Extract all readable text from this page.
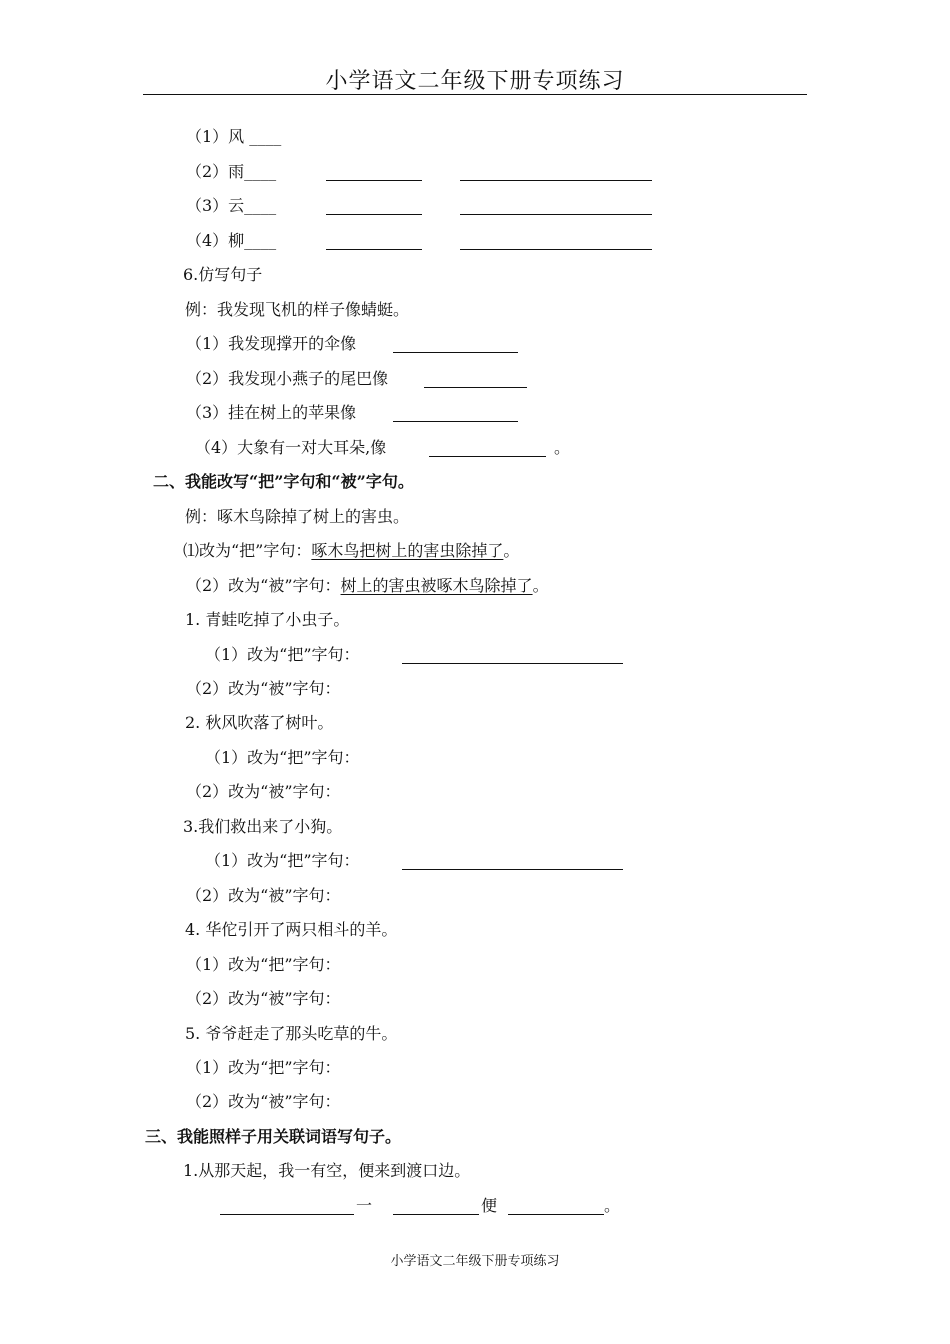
小学语文二年级下册专项练习
（1）风 ____
（2）雨____
（3）云____
（4）柳____
6.仿写句子
例：我发现飞机的样子像蜻蜓。
（1）我发现撑开的伞像
（2）我发现小燕子的尾巴像
（3）挂在树上的苹果像
（4）大象有一对大耳朵,像	。
二、我能改写“把”字句和“被”字句。
例：啄木鸟除掉了树上的害虫。
⑴改为“把”字句：啄木鸟把树上的害虫除掉了。
（2）改为“被”字句：树上的害虫被啄木鸟除掉了。
1. 青蛙吃掉了小虫子。
（1）改为“把”字句：
（2）改为“被”字句：
2. 秋风吹落了树叶。
（1）改为“把”字句：
（2）改为“被”字句：
3.我们救出来了小狗。
（1）改为“把”字句：
（2）改为“被”字句：
4. 华佗引开了两只相斗的羊。
（1）改为“把”字句：
（2）改为“被”字句：
5. 爷爷赶走了那头吃草的牛。
（1）改为“把”字句：
（2）改为“被”字句：
三、我能照样子用关联词语写句子。
1.从那天起，我一有空，便来到渡口边。
一	便	。
小学语文二年级下册专项练习
